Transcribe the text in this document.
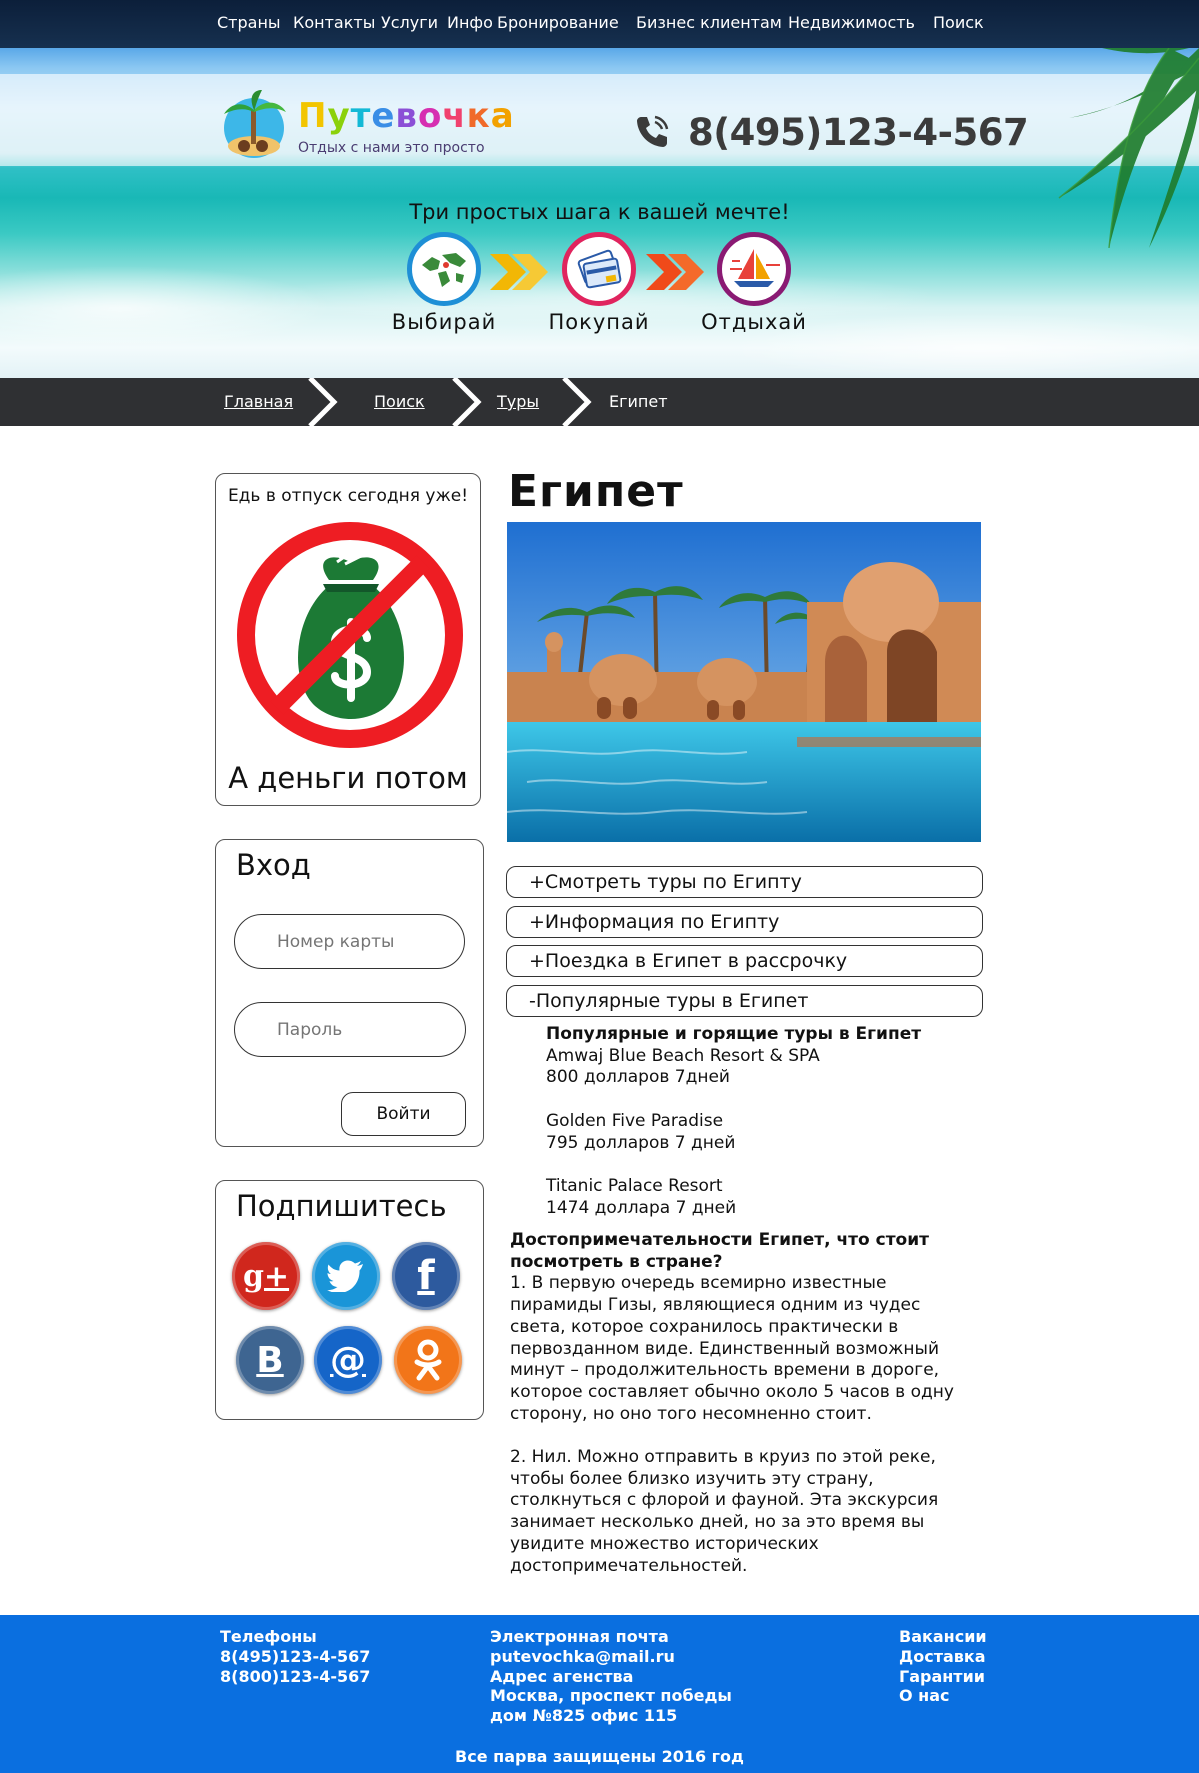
Страны Контакты Услуги Инфо Бронирование Бизнес клиентам Недвижимость Поиск
Путевочка
Отдых с нами это просто	8(495)123-4-567
Три простых шага к вашей мечте!
Выбирай	Покупай	Отдыхай
Главная	Поиск	Туры	Египет
Едь в отпуск сегодня уже!
А деньги потом
Вход
Номер карты
Войти
Подпишитесь
g+	f
B @
Египет
+Смотреть туры по Египту
+Информация по Египту
+Поездка в Египет в рассрочку
-Популярные туры в Египет
Популярные и горящие туры в Египет
Amwaj Blue Beach Resort & SPA
800 долларов 7дней
Golden Five Paradise
795 долларов 7 дней
Titanic Palace Resort
1474 доллара 7 дней

Достопримечательности Египет, что стоит посмотреть в стране?

1. В первую очередь всемирно известные пирамиды Гизы, являющиеся одним из чудес света, которое сохранилось практически в первозданном виде. Единственный возможный минут – продолжительность времени в дороге, которое составляет обычно около 5 часов в одну сторону, но оно того несомненно стоит.

2. Нил. Можно отправить в круиз по этой реке, чтобы более близко изучить эту страну, столкнуться с флорой и фауной. Эта экскурсия занимает несколько дней, но за это время вы увидите множество исторических достопримечательностей.

Телефоны
8(495)123-4-567
8(800)123-4-567
Электронная почта
putevochka@mail.ru
Адрес агенства
Москва, проспект победы
дом №825 офис 115
Вакансии
Доставка
Гарантии
О нас
Все парва защищены 2016 год
